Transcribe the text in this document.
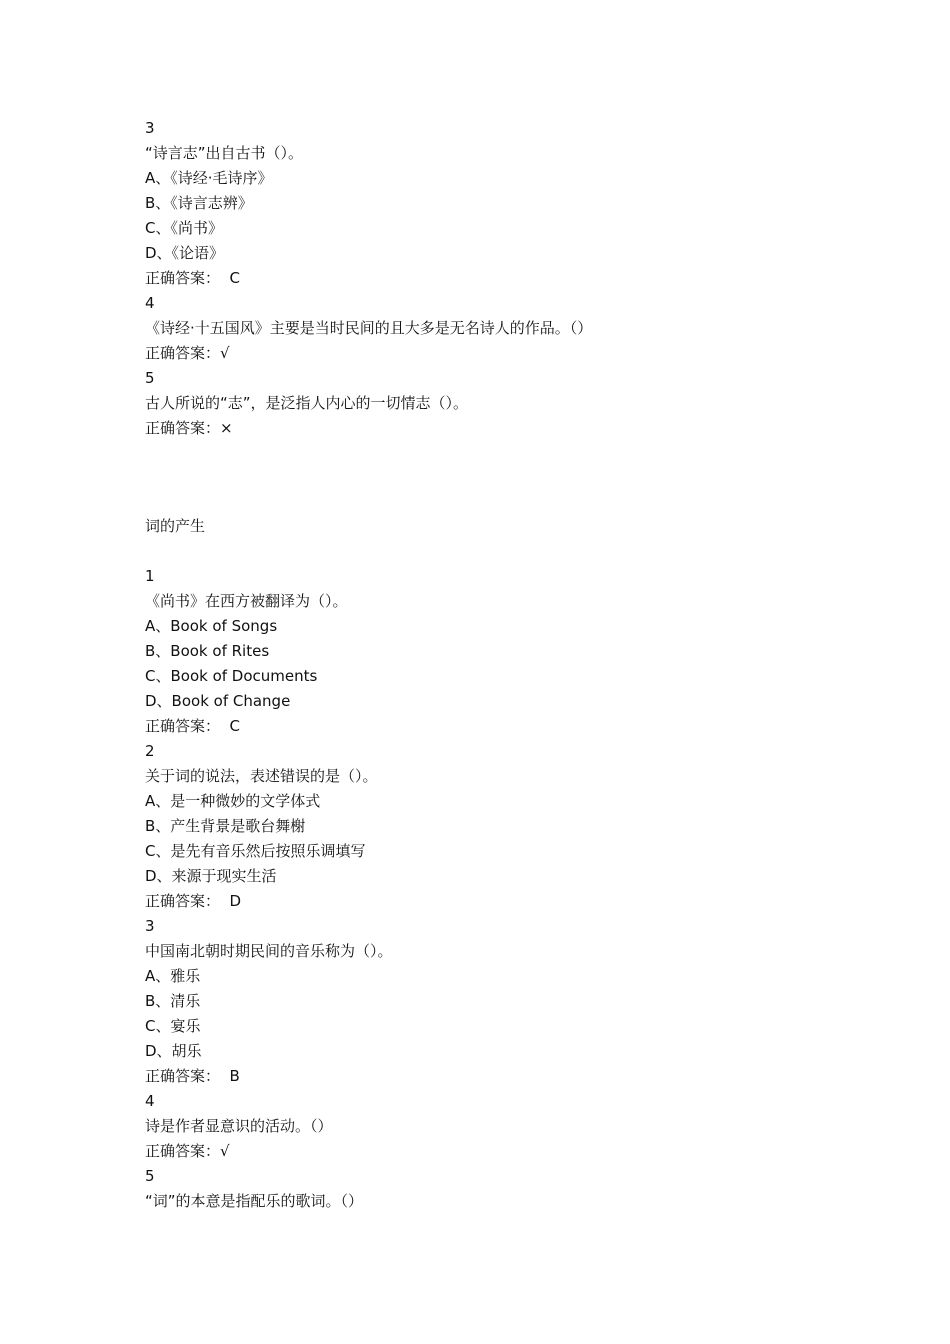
3
“诗言志”出自古书（）。
A、《诗经·毛诗序》
B、《诗言志辨》
C、《尚书》
D、《论语》
正确答案：  C
4
《诗经·十五国风》主要是当时民间的且大多是无名诗人的作品。（）
正确答案：√
5
古人所说的“志”，是泛指人内心的一切情志（）。
正确答案：×
词的产生
1
《尚书》在西方被翻译为（）。
A、Book of Songs
B、Book of Rites
C、Book of Documents
D、Book of Change
正确答案：  C
2
关于词的说法，表述错误的是（）。
A、是一种微妙的文学体式
B、产生背景是歌台舞榭
C、是先有音乐然后按照乐调填写
D、来源于现实生活
正确答案：  D
3
中国南北朝时期民间的音乐称为（）。
A、雅乐
B、清乐
C、宴乐
D、胡乐
正确答案：  B
4
诗是作者显意识的活动。（）
正确答案：√
5
“词”的本意是指配乐的歌词。（）
